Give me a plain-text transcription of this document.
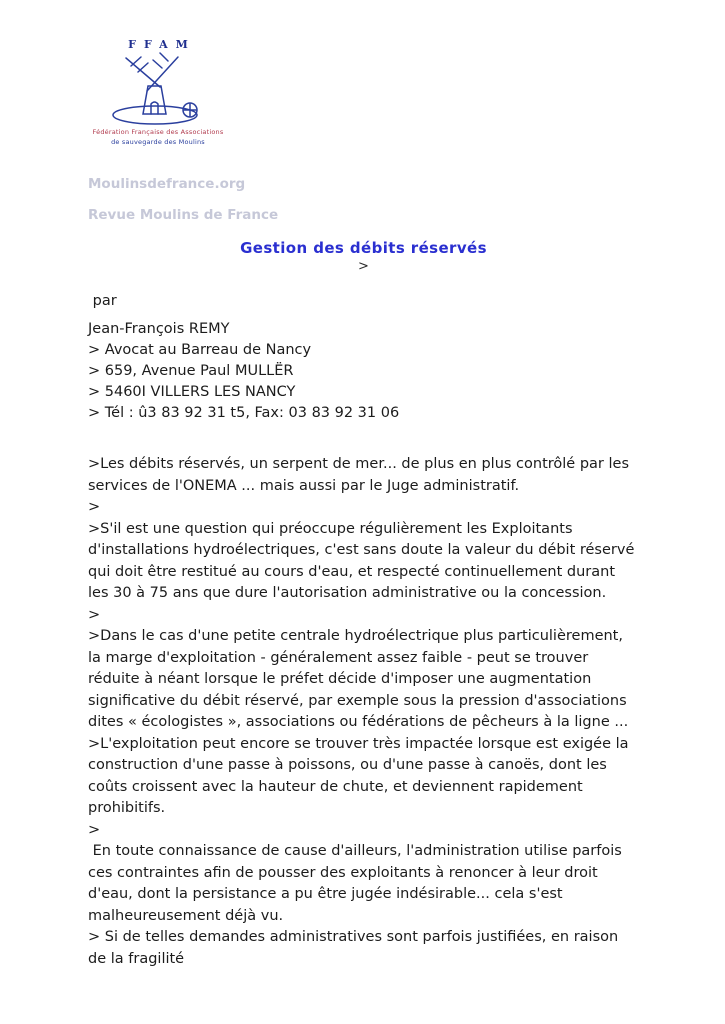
FFAM
Fédération Française des Associations
de sauvegarde des Moulins
Moulinsdefrance.org
Revue Moulins de France
Gestion des débits réservés
>
par
Jean-François REMY
> Avocat au Barreau de Nancy
> 659, Avenue Paul MULLËR
> 5460I VILLERS LES NANCY
> Tél : û3 83 92 31 t5, Fax: 03 83 92 31 06

>Les débits réservés, un serpent de mer... de plus en plus contrôlé par les services de l'ONEMA ... mais aussi par le Juge administratif.

>

>S'il est une question qui préoccupe régulièrement les Exploitants d'installations hydroélectriques, c'est sans doute la valeur du débit réservé qui doit être restitué au cours d'eau, et respecté continuellement durant les 30 à 75 ans que dure l'autorisation administrative ou la concession.

>

>Dans le cas d'une petite centrale hydroélectrique plus particulièrement, la marge d'exploitation - généralement assez faible - peut se trouver réduite à néant lorsque le préfet décide d'imposer une augmentation significative du débit réservé, par exemple sous la pression d'associations dites « écologistes », associations ou fédérations de pêcheurs à la ligne ...

>L'exploitation peut encore se trouver très impactée lorsque est exigée la construction d'une passe à poissons, ou d'une passe à canoës, dont les coûts croissent avec la hauteur de chute, et deviennent rapidement prohibitifs.

>

En toute connaissance de cause d'ailleurs, l'administration utilise parfois ces contraintes afin de pousser des exploitants à renoncer à leur droit d'eau, dont la persistance a pu être jugée indésirable... cela s'est malheureusement déjà vu.

> Si de telles demandes administratives sont parfois justifiées, en raison de la fragilité
